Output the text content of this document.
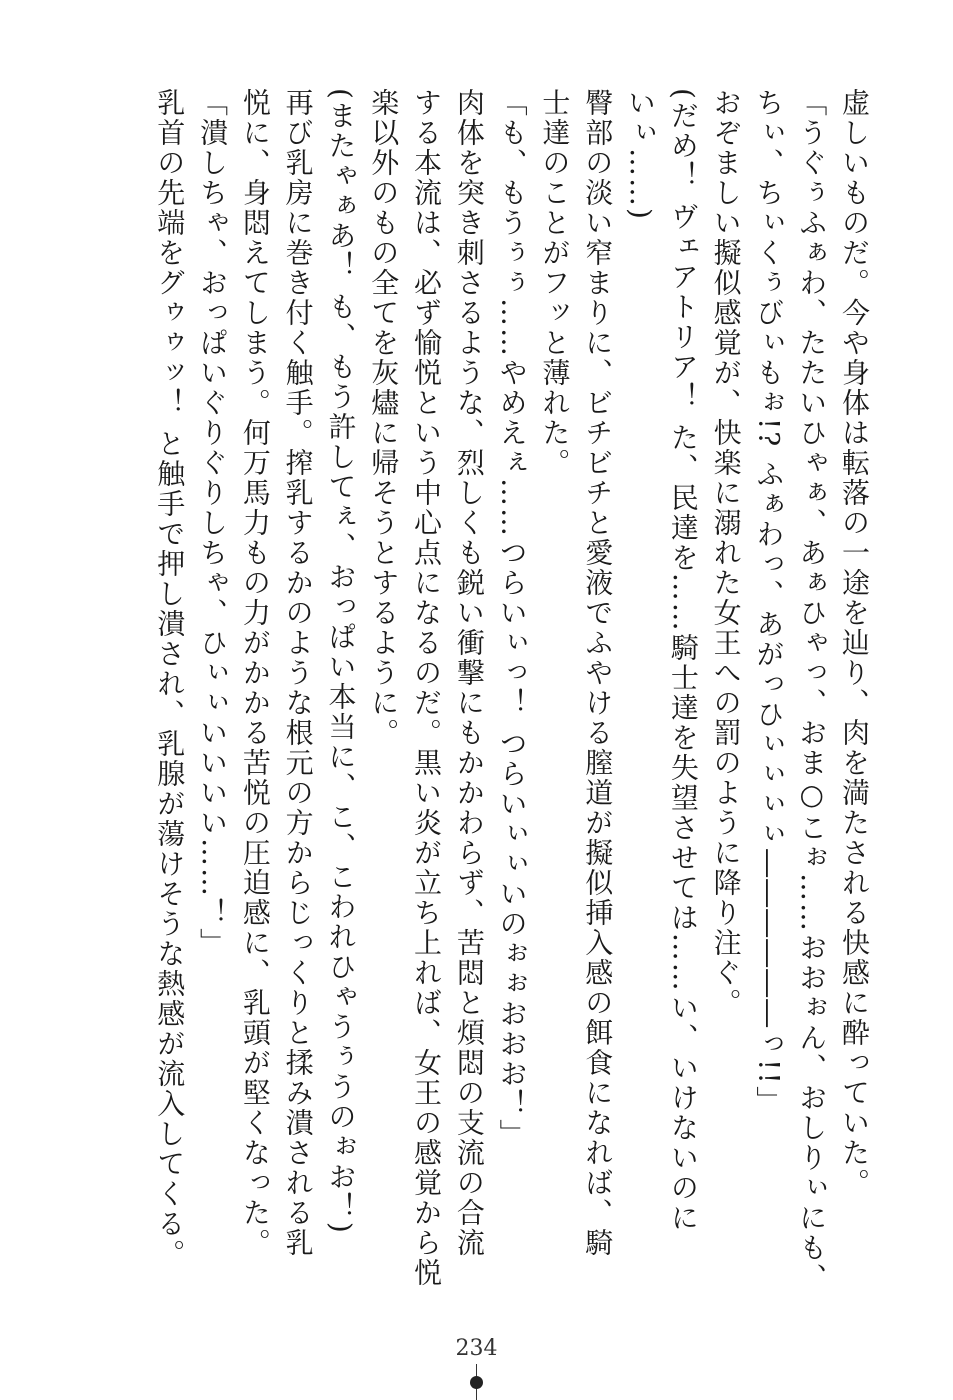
虚しいものだ。今や身体は転落の一途を辿り、肉を満たされる快感に酔っていた。
「うぐぅふぁわ、たたいひゃぁ、あぁひゃっ、おま○こぉ……おおぉん、おしりぃにも、
ちぃ、ちぃくぅびぃもぉ!? ふぁわっ、あがっひぃぃぃぃ――――――っ!!」
おぞましい擬似感覚が、快楽に溺れた女王への罰のように降り注ぐ。
(だめ！ ヴェアトリア！ た、民達を……騎士達を失望させては……い、いけないのに
いぃ……)
臀部の淡い窄まりに、ビチビチと愛液でふやける膣道が擬似挿入感の餌食になれば、騎
士達のことがフッと薄れた。
「も、もうぅぅ……やめえぇ……つらいぃっ！ つらいぃぃいのぉぉおおお！」
肉体を突き刺さるような、烈しくも鋭い衝撃にもかかわらず、苦悶と煩悶の支流の合流
する本流は、必ず愉悦という中心点になるのだ。黒い炎が立ち上れば、女王の感覚から悦
楽以外のもの全てを灰燼に帰そうとするように。
(またゃぁあ！ も、もう許してぇ、おっぱい本当に、こ、こわれひゃうぅうのぉお！)
再び乳房に巻き付く触手。搾乳するかのような根元の方からじっくりと揉み潰される乳
悦に、身悶えてしまう。何万馬力もの力がかかる苦悦の圧迫感に、乳頭が堅くなった。
「潰しちゃ、おっぱいぐりぐりしちゃ、ひぃぃいいいい……！」
乳首の先端をグゥゥッ！ と触手で押し潰され、乳腺が蕩けそうな熱感が流入してくる。
234
